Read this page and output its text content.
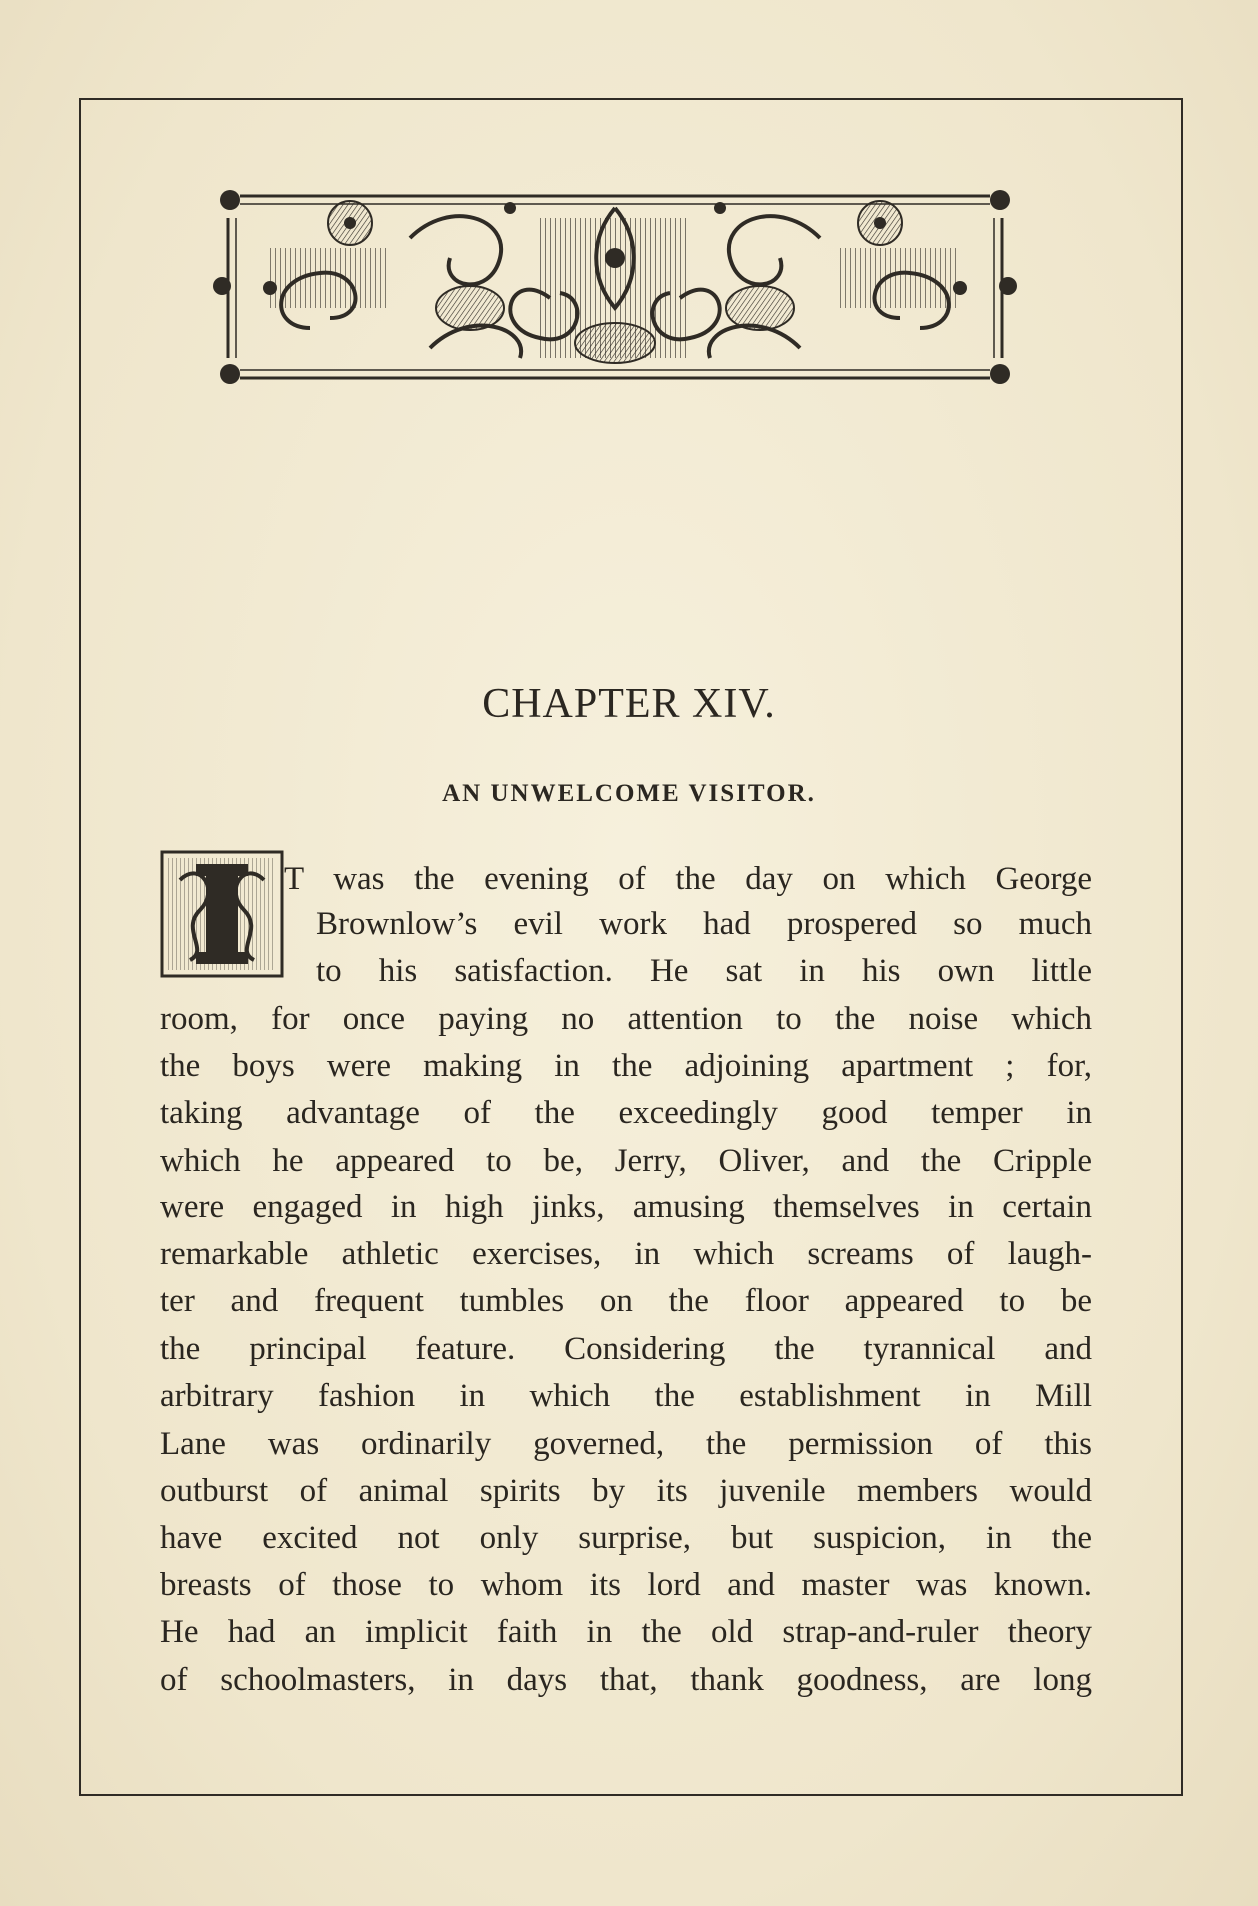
CHAPTER XIV.
AN UNWELCOME VISITOR.
T was the evening of the day on which George
Brownlow’s evil work had prospered so much
to his satisfaction. He sat in his own little
room, for once paying no attention to the noise which
the boys were making in the adjoining apartment ; for,
taking advantage of the exceedingly good temper in
which he appeared to be, Jerry, Oliver, and the Cripple
were engaged in high jinks, amusing themselves in certain
remarkable athletic exercises, in which screams of laugh-
ter and frequent tumbles on the floor appeared to be
the principal feature. Considering the tyrannical and
arbitrary fashion in which the establishment in Mill
Lane was ordinarily governed, the permission of this
outburst of animal spirits by its juvenile members would
have excited not only surprise, but suspicion, in the
breasts of those to whom its lord and master was known.
He had an implicit faith in the old strap-and-ruler theory
of schoolmasters, in days that, thank goodness, are long
